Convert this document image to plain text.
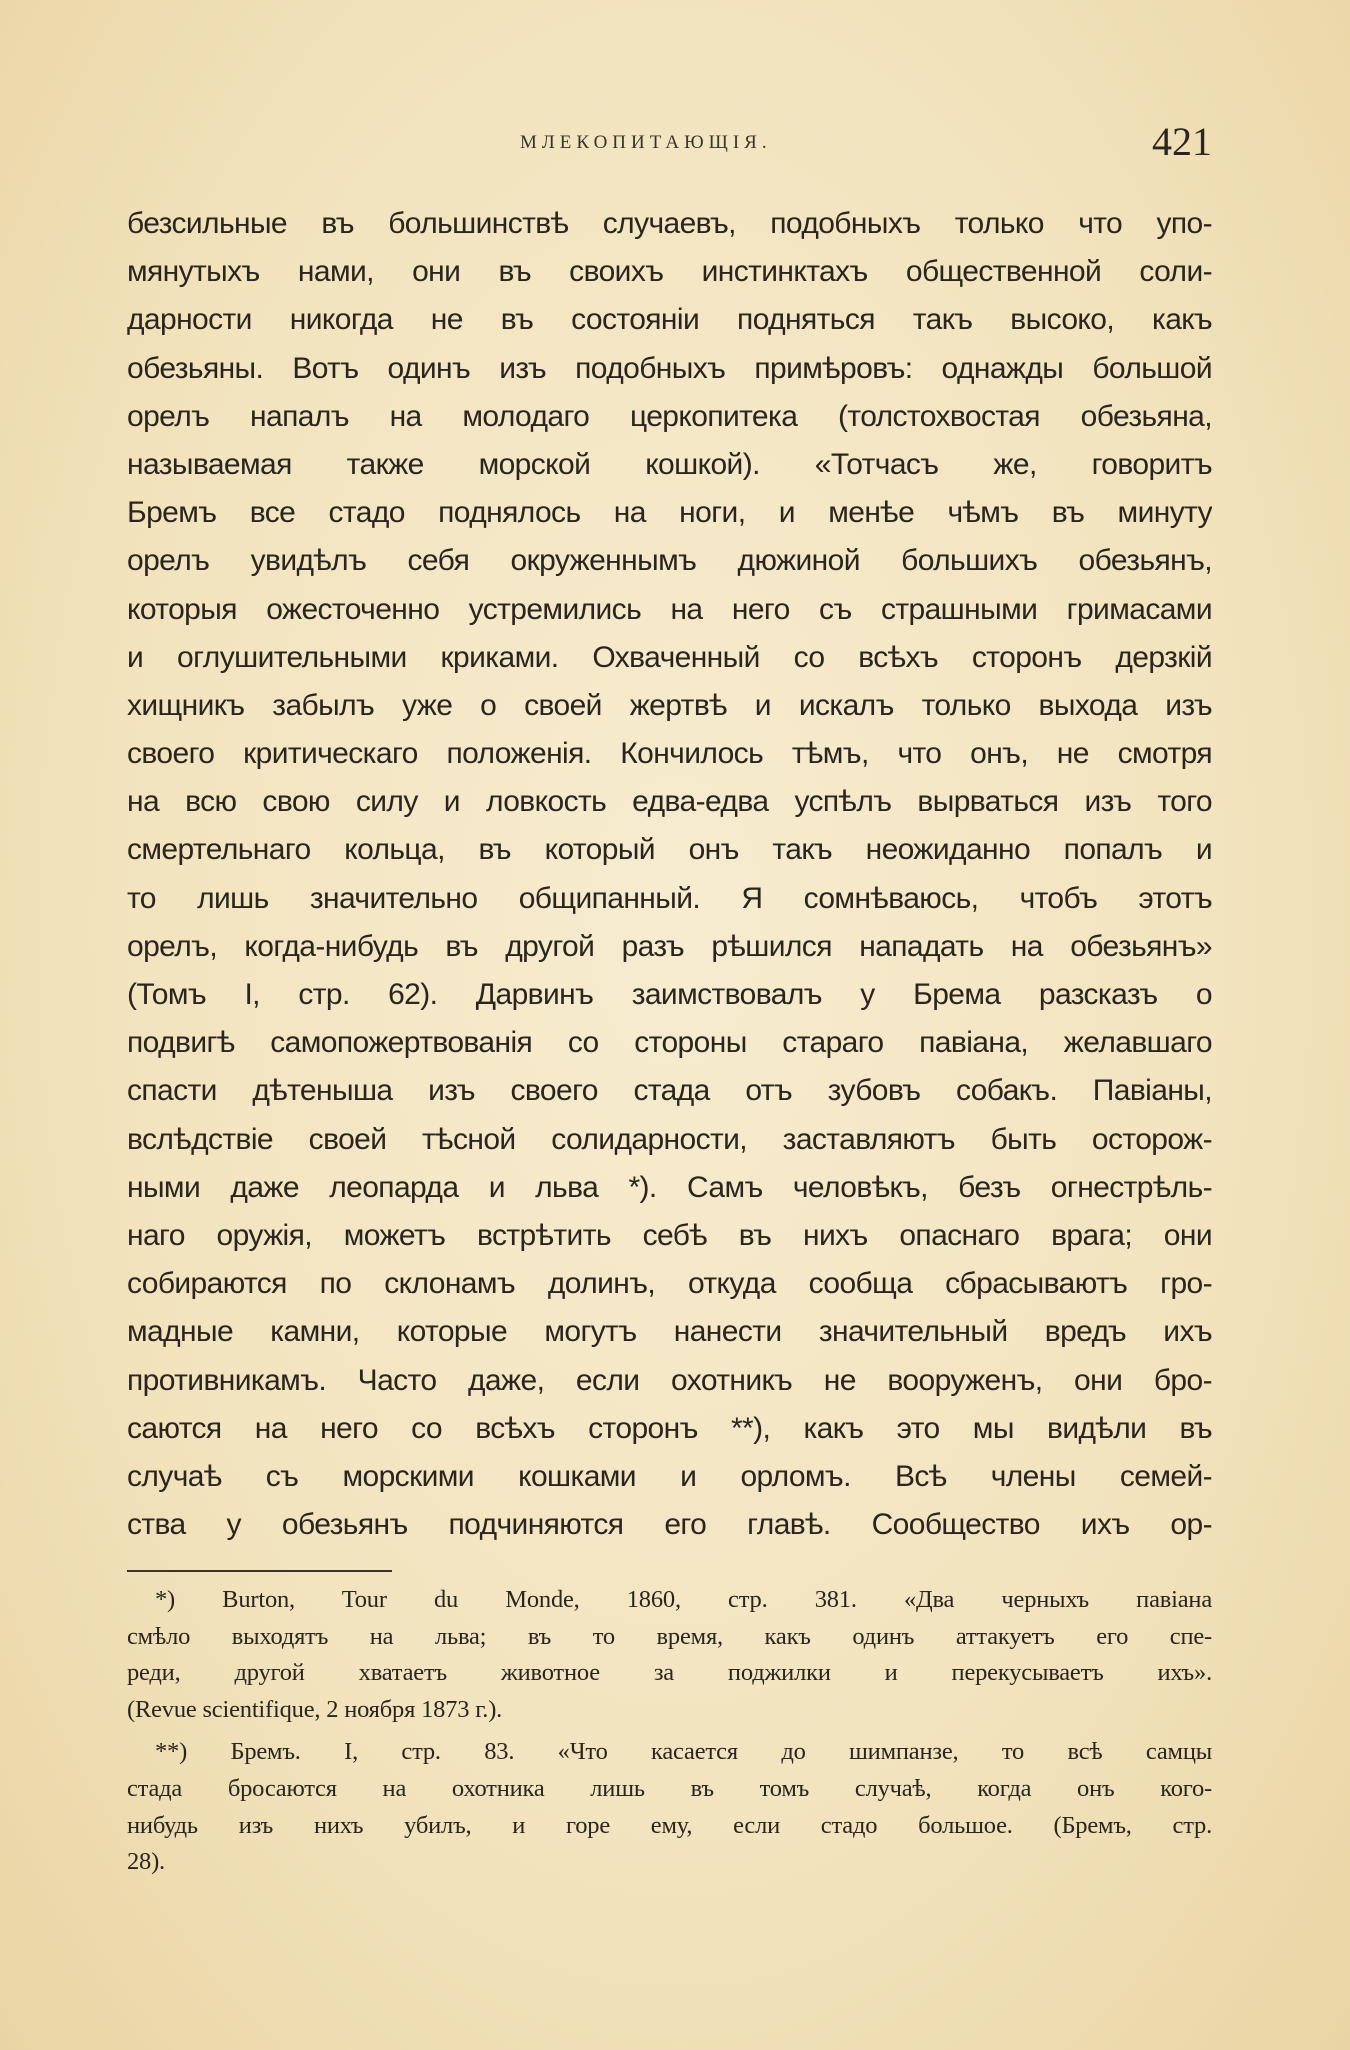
МЛЕКОПИТАЮЩІЯ.	421
безсильные въ большинствѣ случаевъ, подобныхъ только что упо-
мянутыхъ нами, они въ своихъ инстинктахъ общественной соли-
дарности никогда не въ состояніи подняться такъ высоко, какъ
обезьяны. Вотъ одинъ изъ подобныхъ примѣровъ: однажды большой
орелъ напалъ на молодаго церкопитека (толстохвостая обезьяна,
называемая также морской кошкой). «Тотчасъ же, говоритъ
Бремъ все стадо поднялось на ноги, и менѣе чѣмъ въ минуту
орелъ увидѣлъ себя окруженнымъ дюжиной большихъ обезьянъ,
которыя ожесточенно устремились на него съ страшными гримасами
и оглушительными криками. Охваченный со всѣхъ сторонъ дерзкій
хищникъ забылъ уже о своей жертвѣ и искалъ только выхода изъ
своего критическаго положенія. Кончилось тѣмъ, что онъ, не смотря
на всю свою силу и ловкость едва-едва успѣлъ вырваться изъ того
смертельнаго кольца, въ который онъ такъ неожиданно попалъ и
то лишь значительно общипанный. Я сомнѣваюсь, чтобъ этотъ
орелъ, когда-нибудь въ другой разъ рѣшился нападать на обезьянъ»
(Томъ I, стр. 62). Дарвинъ заимствовалъ у Брема разсказъ о
подвигѣ самопожертвованія со стороны стараго павіана, желавшаго
спасти дѣтеныша изъ своего стада отъ зубовъ собакъ. Павіаны,
вслѣдствіе своей тѣсной солидарности, заставляютъ быть осторож-
ными даже леопарда и льва *). Самъ человѣкъ, безъ огнестрѣль-
наго оружія, можетъ встрѣтить себѣ въ нихъ опаснаго врага; они
собираются по склонамъ долинъ, откуда сообща сбрасываютъ гро-
мадные камни, которые могутъ нанести значительный вредъ ихъ
противникамъ. Часто даже, если охотникъ не вооруженъ, они бро-
саются на него со всѣхъ сторонъ **), какъ это мы видѣли въ
случаѣ съ морскими кошками и орломъ. Всѣ члены семей-
ства у обезьянъ подчиняются его главѣ. Сообщество ихъ ор-
*) Burton, Tour du Monde, 1860, стр. 381. «Два черныхъ павіана
смѣло выходятъ на льва; въ то время, какъ одинъ аттакуетъ его спе-
реди, другой хватаетъ животное за поджилки и перекусываетъ ихъ».
(Revue scientifique, 2 ноября 1873 г.).
**) Бремъ. I, стр. 83. «Что касается до шимпанзе, то всѣ самцы
стада бросаются на охотника лишь въ томъ случаѣ, когда онъ кого-
нибудь изъ нихъ убилъ, и горе ему, если стадо большое. (Бремъ, стр.
28).
